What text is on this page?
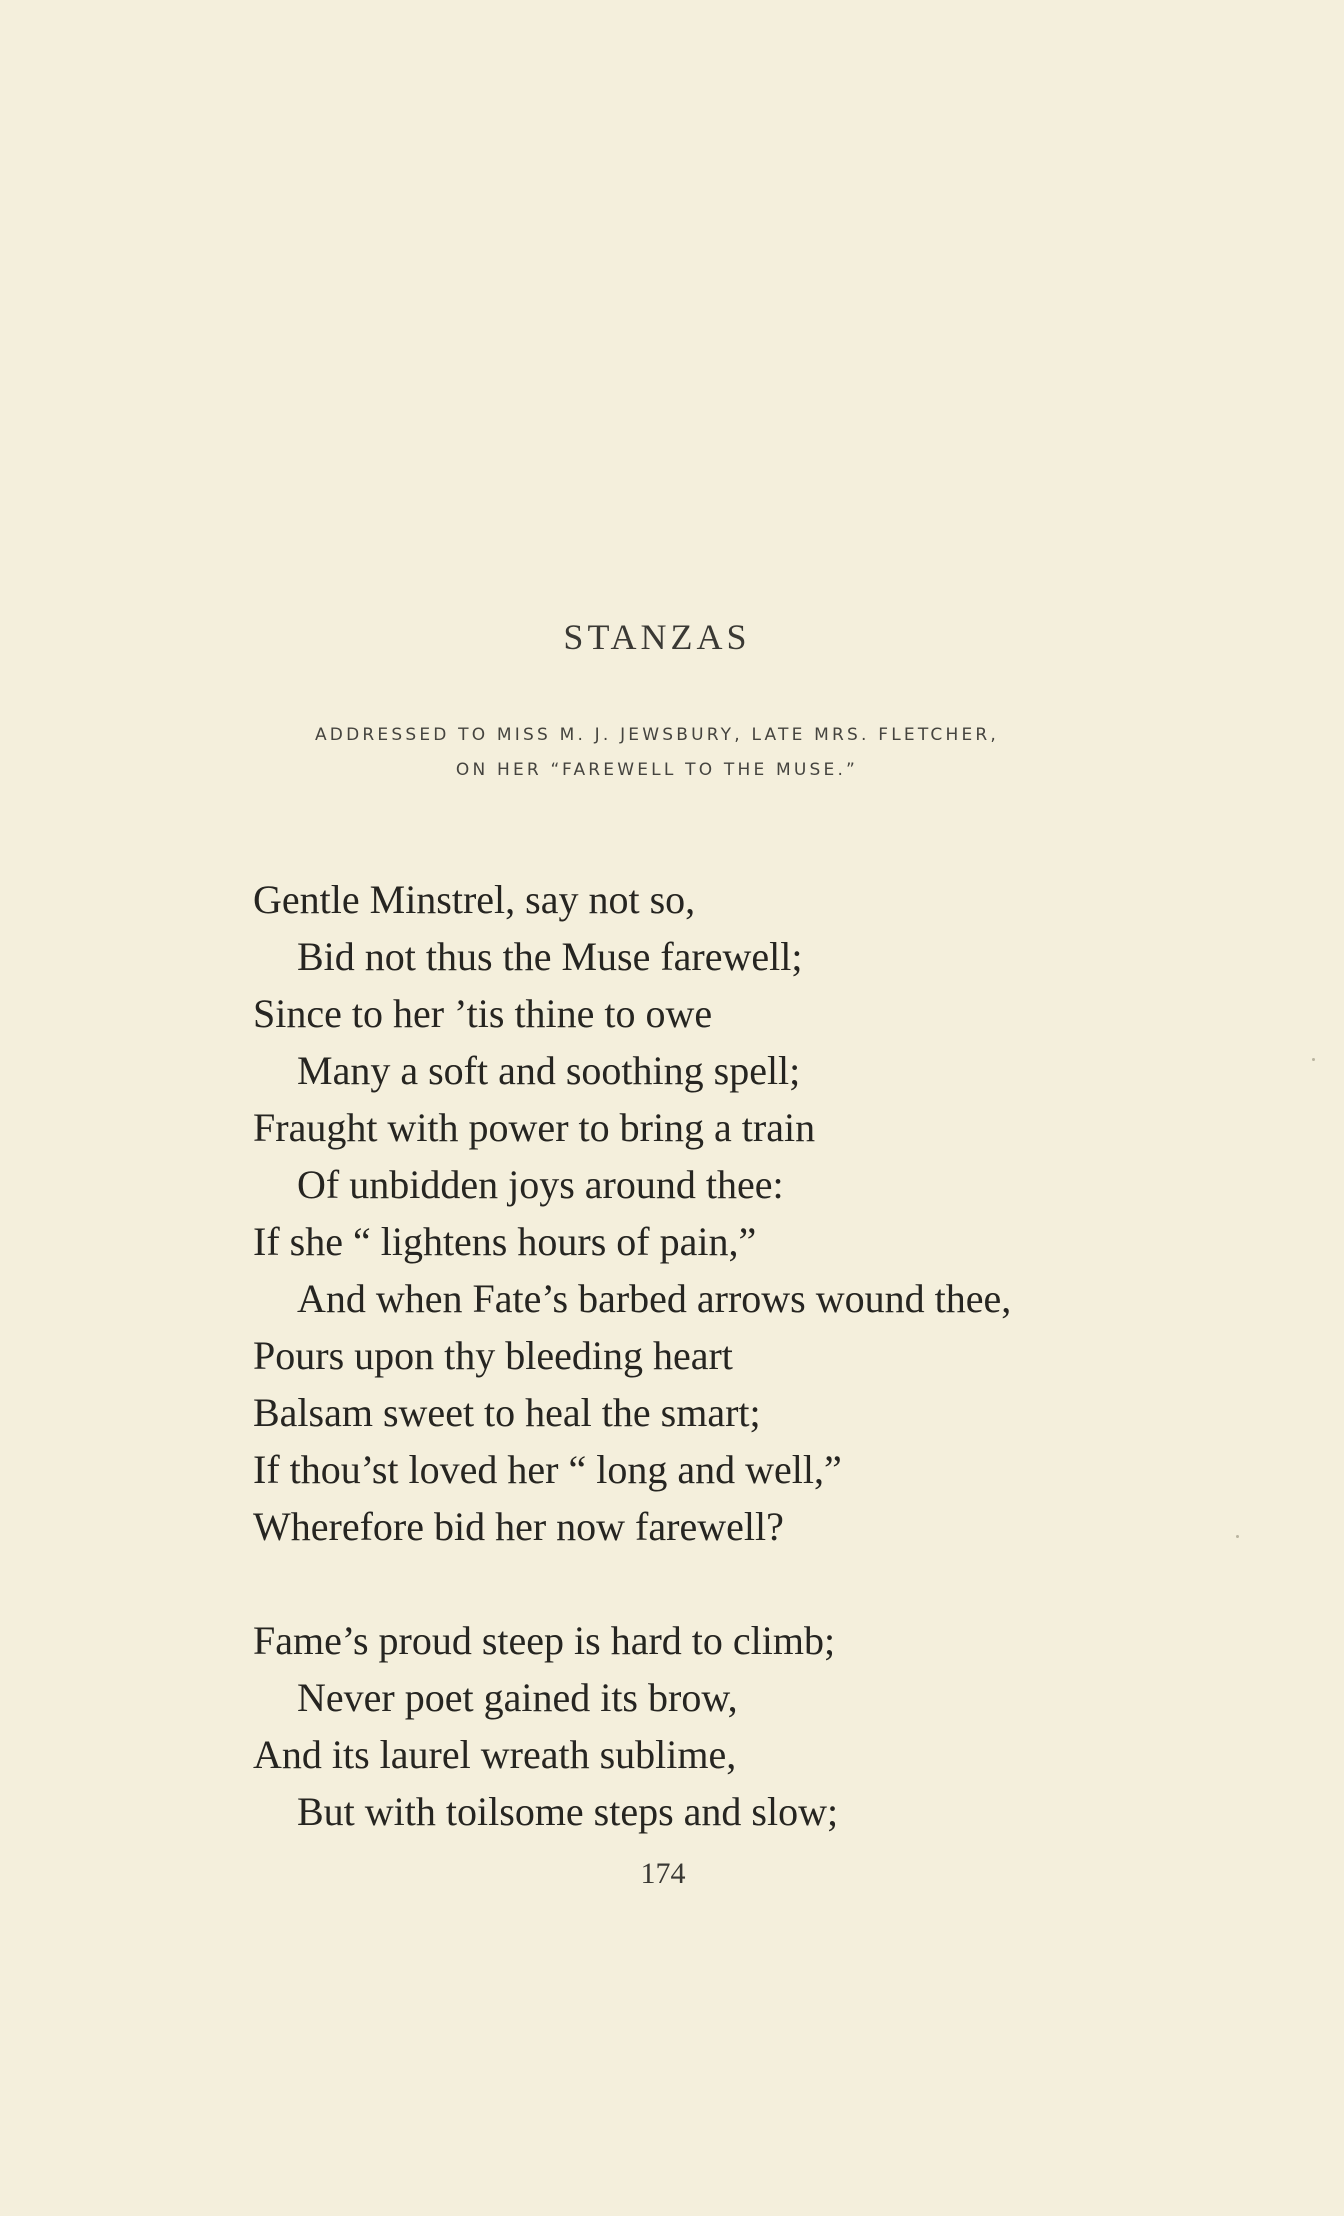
STANZAS
ADDRESSED TO MISS M. J. JEWSBURY, LATE MRS. FLETCHER,
ON HER “FAREWELL TO THE MUSE.”
Gentle Minstrel, say not so,
Bid not thus the Muse farewell;
Since to her ’tis thine to owe
Many a soft and soothing spell;
Fraught with power to bring a train
Of unbidden joys around thee:
If she “ lightens hours of pain,”
And when Fate’s barbed arrows wound thee,
Pours upon thy bleeding heart
Balsam sweet to heal the smart;
If thou’st loved her “ long and well,”
Wherefore bid her now farewell?
Fame’s proud steep is hard to climb;
Never poet gained its brow,
And its laurel wreath sublime,
But with toilsome steps and slow;
174
